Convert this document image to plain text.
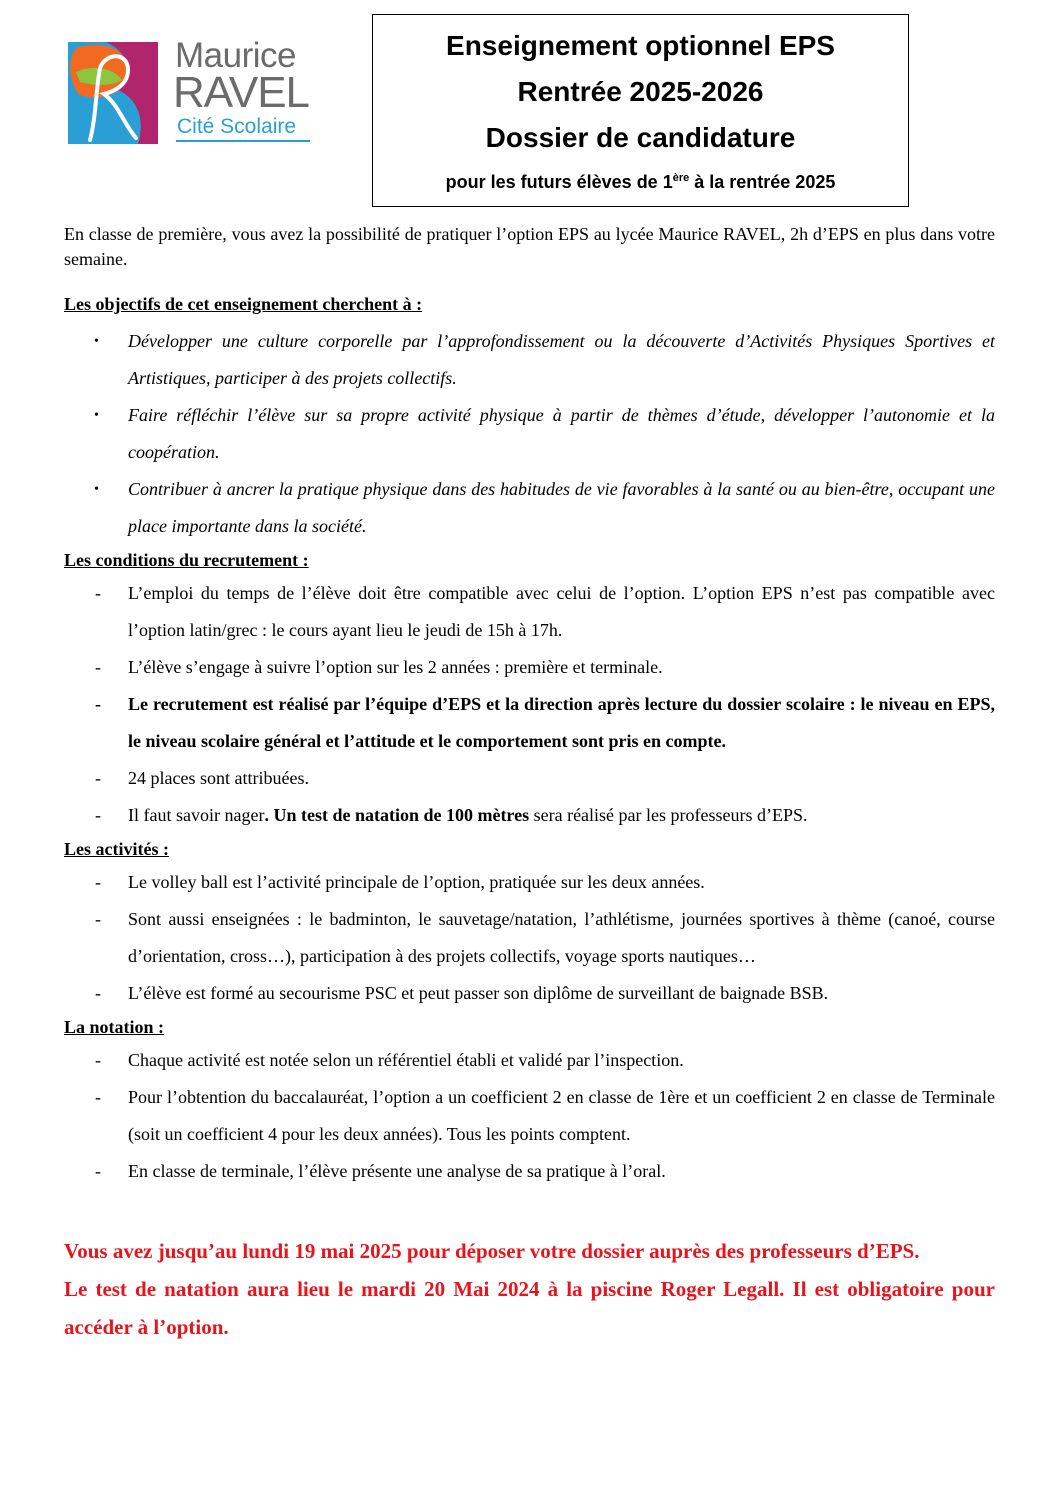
Maurice
RAVEL
Cité Scolaire
Enseignement optionnel EPS
Rentrée 2025-2026
Dossier de candidature
pour les futurs élèves de 1ère à la rentrée 2025

En classe de première, vous avez la possibilité de pratiquer l’option EPS au lycée Maurice RAVEL, 2h d’EPS en plus dans votre semaine.

Les objectifs de cet enseignement cherchent à :

• Développer une culture corporelle par l’approfondissement ou la découverte d’Activités Physiques Sportives et Artistiques, participer à des projets collectifs.
• Faire réfléchir l’élève sur sa propre activité physique à partir de thèmes d’étude, développer l’autonomie et la coopération.
• Contribuer à ancrer la pratique physique dans des habitudes de vie favorables à la santé ou au bien-être, occupant une place importante dans la société.

Les conditions du recrutement :

- L’emploi du temps de l’élève doit être compatible avec celui de l’option. L’option EPS n’est pas compatible avec l’option latin/grec : le cours ayant lieu le jeudi de 15h à 17h.
- L’élève s’engage à suivre l’option sur les 2 années : première et terminale.
- Le recrutement est réalisé par l’équipe d’EPS et la direction après lecture du dossier scolaire : le niveau en EPS, le niveau scolaire général et l’attitude et le comportement sont pris en compte.
- 24 places sont attribuées.
- Il faut savoir nager. Un test de natation de 100 mètres sera réalisé par les professeurs d’EPS.

Les activités :

- Le volley ball est l’activité principale de l’option, pratiquée sur les deux années.
- Sont aussi enseignées : le badminton, le sauvetage/natation, l’athlétisme, journées sportives à thème (canoé, course d’orientation, cross…), participation à des projets collectifs, voyage sports nautiques…
- L’élève est formé au secourisme PSC et peut passer son diplôme de surveillant de baignade BSB.

La notation :

- Chaque activité est notée selon un référentiel établi et validé par l’inspection.
- Pour l’obtention du baccalauréat, l’option a un coefficient 2 en classe de 1ère et un coefficient 2 en classe de Terminale (soit un coefficient 4 pour les deux années). Tous les points comptent.
- En classe de terminale, l’élève présente une analyse de sa pratique à l’oral.

Vous avez jusqu’au lundi 19 mai 2025 pour déposer votre dossier auprès des professeurs d’EPS.

Le test de natation aura lieu le mardi 20 Mai 2024 à la piscine Roger Legall. Il est obligatoire pour accéder à l’option.
